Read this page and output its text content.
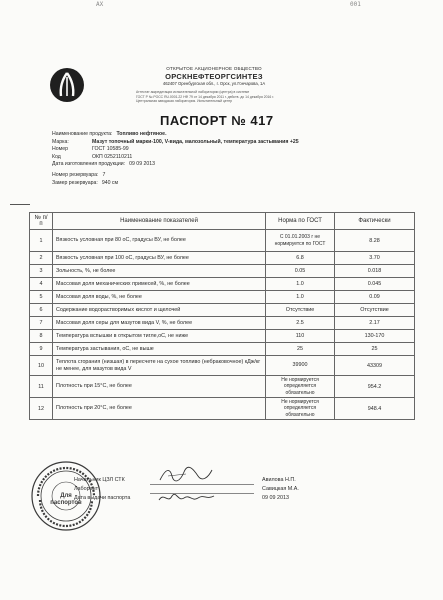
АХ	001
ОТКРЫТОЕ АКЦИОНЕРНОЕ ОБЩЕСТВО
ОРСКНЕФТЕОРГСИНТЕЗ
462407 Оренбургская обл., г. Орск, ул.Гончарова, 1А
Аттестат аккредитации испытательной лаборатории (центра) в системе
ГОСТ Р № РОСС RU.0001.22 НФ 79 от 14 декабря 2011 г. действ. до 14 декабря 2016 г.
Центральная заводская лаборатория. Испытательный центр
ПАСПОРТ № 417
Наименование продукта: Топливо нефтяное.
Марка:	Мазут топочный марки-100, V-вида, малозольный, температура застывания +25
Номер	ГОСТ 10585-99
Код	ОКП 0252110211
Дата изготовления продукции: 09 09 2013
Номер резервуара: 7
Замер резервуара: 940 см
№ п/п	Наименование показателей	Норма по ГОСТ	Фактически
1	Вязкость условная при 80 оС, градусы ВУ, не более	С 01.01.2003 г не нормируется по ГОСТ	8.28
2	Вязкость условная при 100 оС, градусы ВУ, не более	6.8	3.70
3	Зольность, %, не более	0.05	0.018
4	Массовая доля механических примесей, %, не более	1.0	0.045
5	Массовая доля воды, %, не более	1.0	0.09
6	Содержание водорастворимых кислот и щелочей	Отсутствие	Отсутствие
7	Массовая доля серы для мазутов вида V, %, не более	2.5	2.17
8	Температура вспышки в открытом тигле,оС, не ниже	110	130-170
9	Температура застывания, оС, не выше	25	25
10	Теплота сгорания (низшая) в пересчете на сухое топливо (небраковочное) кДж/кг не менее, для мазутов вида V	39900	43309
11	Плотность при 15°С, не более	Не нормируется определяется обязательно	954.2
12	Плотность при 20°С, не более	Не нормируется определяется обязательно	948.4
Для
паспортов
Начальник ЦЗЛ СТК
Лаборант
Дата выдачи паспорта
Авилова Н.П.
Савицкая М.А.
09 09 2013
